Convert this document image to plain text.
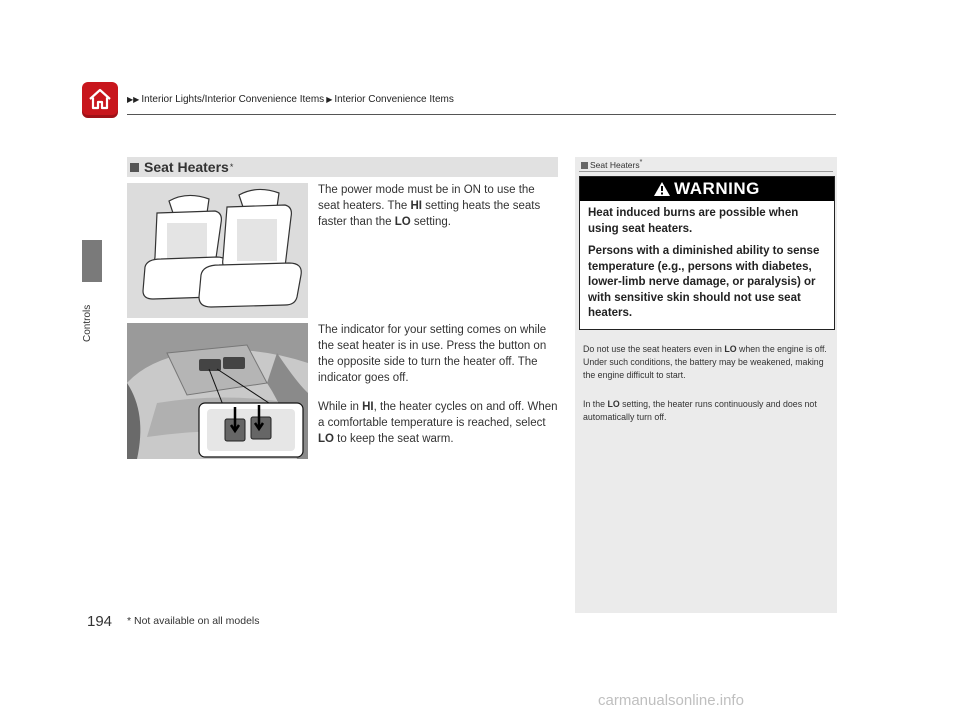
▶▶ Interior Lights/Interior Convenience Items ▶ Interior Convenience Items
Controls
Seat Heaters *

The power mode must be in ON to use the seat heaters. The HI setting heats the seats faster than the LO setting.

The indicator for your setting comes on while the seat heater is in use. Press the button on the opposite side to turn the heater off. The indicator goes off.

While in HI, the heater cycles on and off. When a comfortable temperature is reached, select LO to keep the seat warm.

Seat Heaters*
WARNING

Heat induced burns are possible when using seat heaters.

Persons with a diminished ability to sense temperature (e.g., persons with diabetes, lower-limb nerve damage, or paralysis) or with sensitive skin should not use seat heaters.

Do not use the seat heaters even in LO when the engine is off. Under such conditions, the battery may be weakened, making the engine difficult to start.
In the LO setting, the heater runs continuously and does not automatically turn off.
194 * Not available on all models
carmanualsonline.info
